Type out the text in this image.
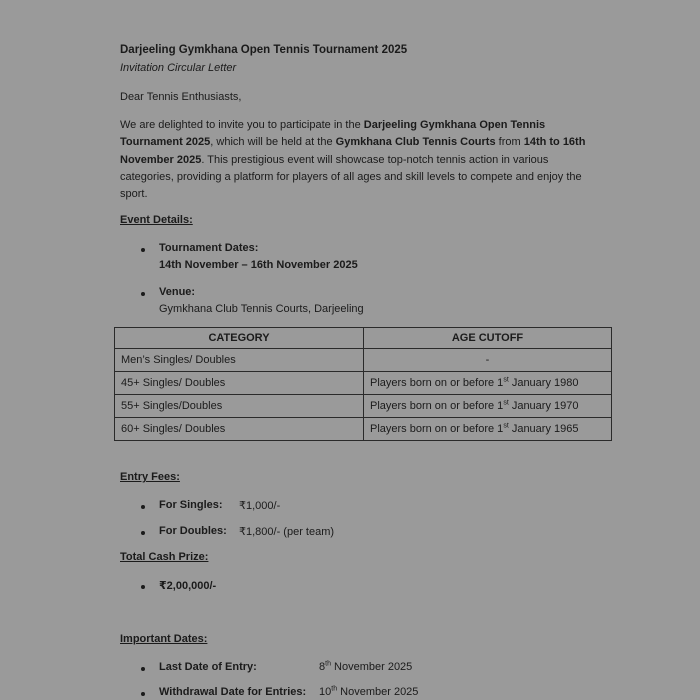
Darjeeling Gymkhana Open Tennis Tournament 2025
Invitation Circular Letter
Dear Tennis Enthusiasts,
We are delighted to invite you to participate in the Darjeeling Gymkhana Open Tennis Tournament 2025, which will be held at the Gymkhana Club Tennis Courts from 14th to 16th November 2025. This prestigious event will showcase top-notch tennis action in various categories, providing a platform for players of all ages and skill levels to compete and enjoy the sport.
Event Details:
Tournament Dates:
14th November – 16th November 2025
Venue:
Gymkhana Club Tennis Courts, Darjeeling
CATEGORY	AGE CUTOFF
Men’s Singles/ Doubles	-
45+ Singles/ Doubles	Players born on or before 1st January 1980
55+ Singles/Doubles	Players born on or before 1st January 1970
60+ Singles/ Doubles	Players born on or before 1st January 1965
Entry Fees:
For Singles: ₹1,000/-
For Doubles: ₹1,800/- (per team)
Total Cash Prize:
₹2,00,000/-
Important Dates:
Last Date of Entry:	8th November 2025
Withdrawal Date for Entries: 10th November 2025
